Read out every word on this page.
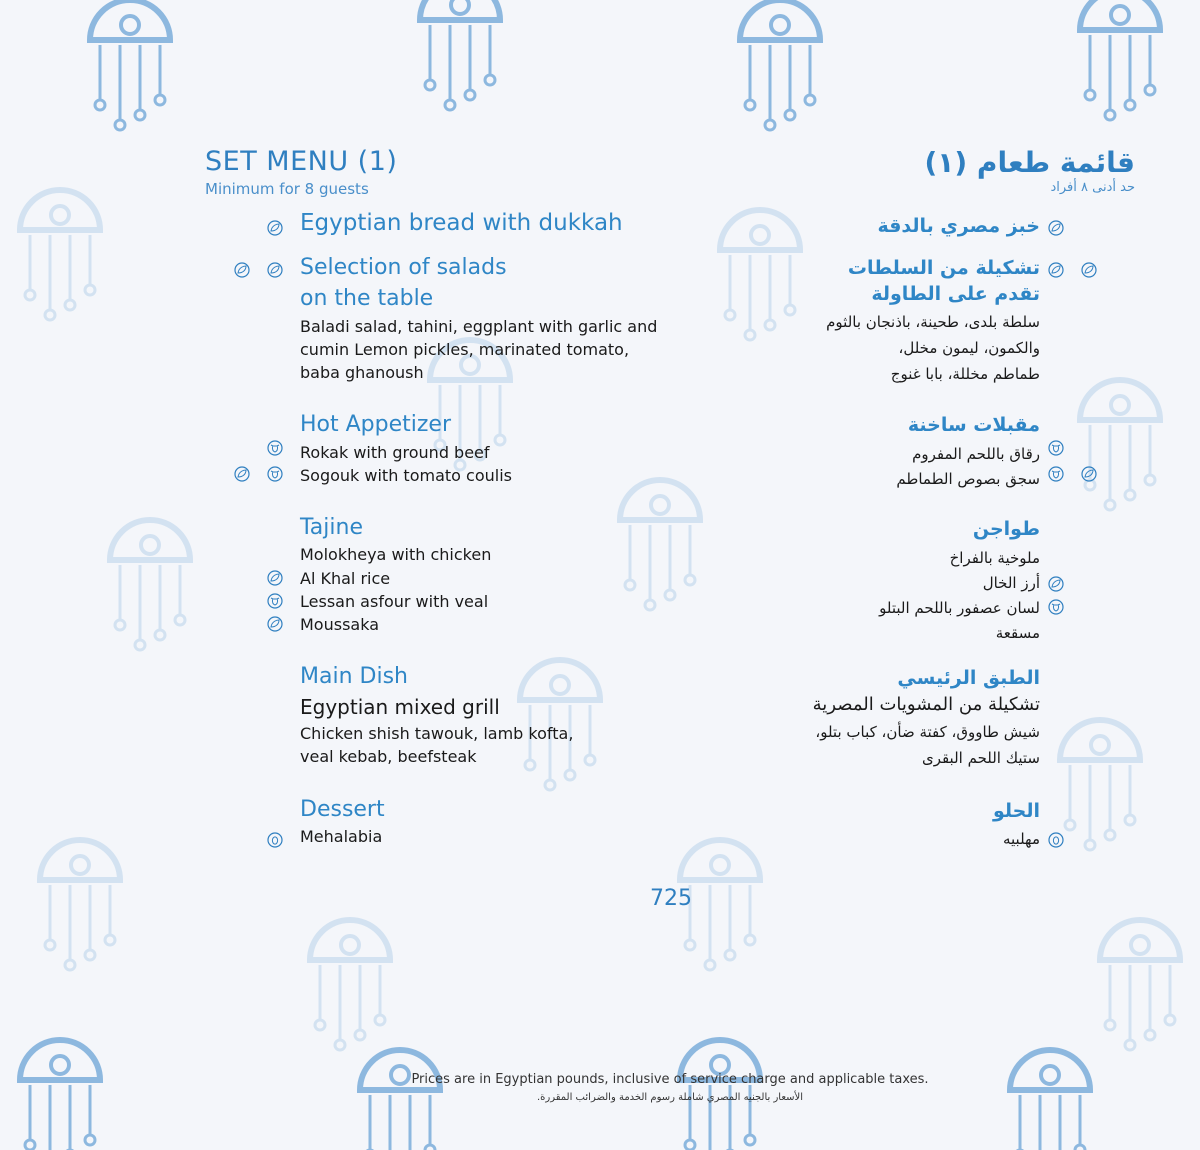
SET MENU (1)
Minimum for 8 guests
Egyptian bread with dukkah
Selection of salads
on the table
Baladi salad, tahini, eggplant with garlic and
cumin Lemon pickles, marinated tomato,
baba ghanoush
Hot Appetizer
Rokak with ground beef
Sogouk with tomato coulis
Tajine
Molokheya with chicken
Al Khal rice
Lessan asfour with veal
Moussaka
Main Dish
Egyptian mixed grill
Chicken shish tawouk, lamb kofta,
veal kebab, beefsteak
Dessert
Mehalabia
قائمة طعام (١)
حد أدنى ٨ أفراد
خبز مصري بالدقة
تشكيلة من السلطات
تقدم على الطاولة
سلطة بلدى، طحينة، باذنجان بالثوم
والكمون، ليمون مخلل،
طماطم مخللة، بابا غنوج
مقبلات ساخنة
رقاق باللحم المفروم
سجق بصوص الطماطم
طواجن
ملوخية بالفراخ
أرز الخال
لسان عصفور باللحم البتلو
مسقعة
الطبق الرئيسي
تشكيلة من المشويات المصرية
شيش طاووق، كفتة ضأن، كباب بتلو،
ستيك اللحم البقرى
الحلو
مهلبيه
725
Prices are in Egyptian pounds, inclusive of service charge and applicable taxes.
الأسعار بالجنيه المصري شاملة رسوم الخدمة والضرائب المقررة.
